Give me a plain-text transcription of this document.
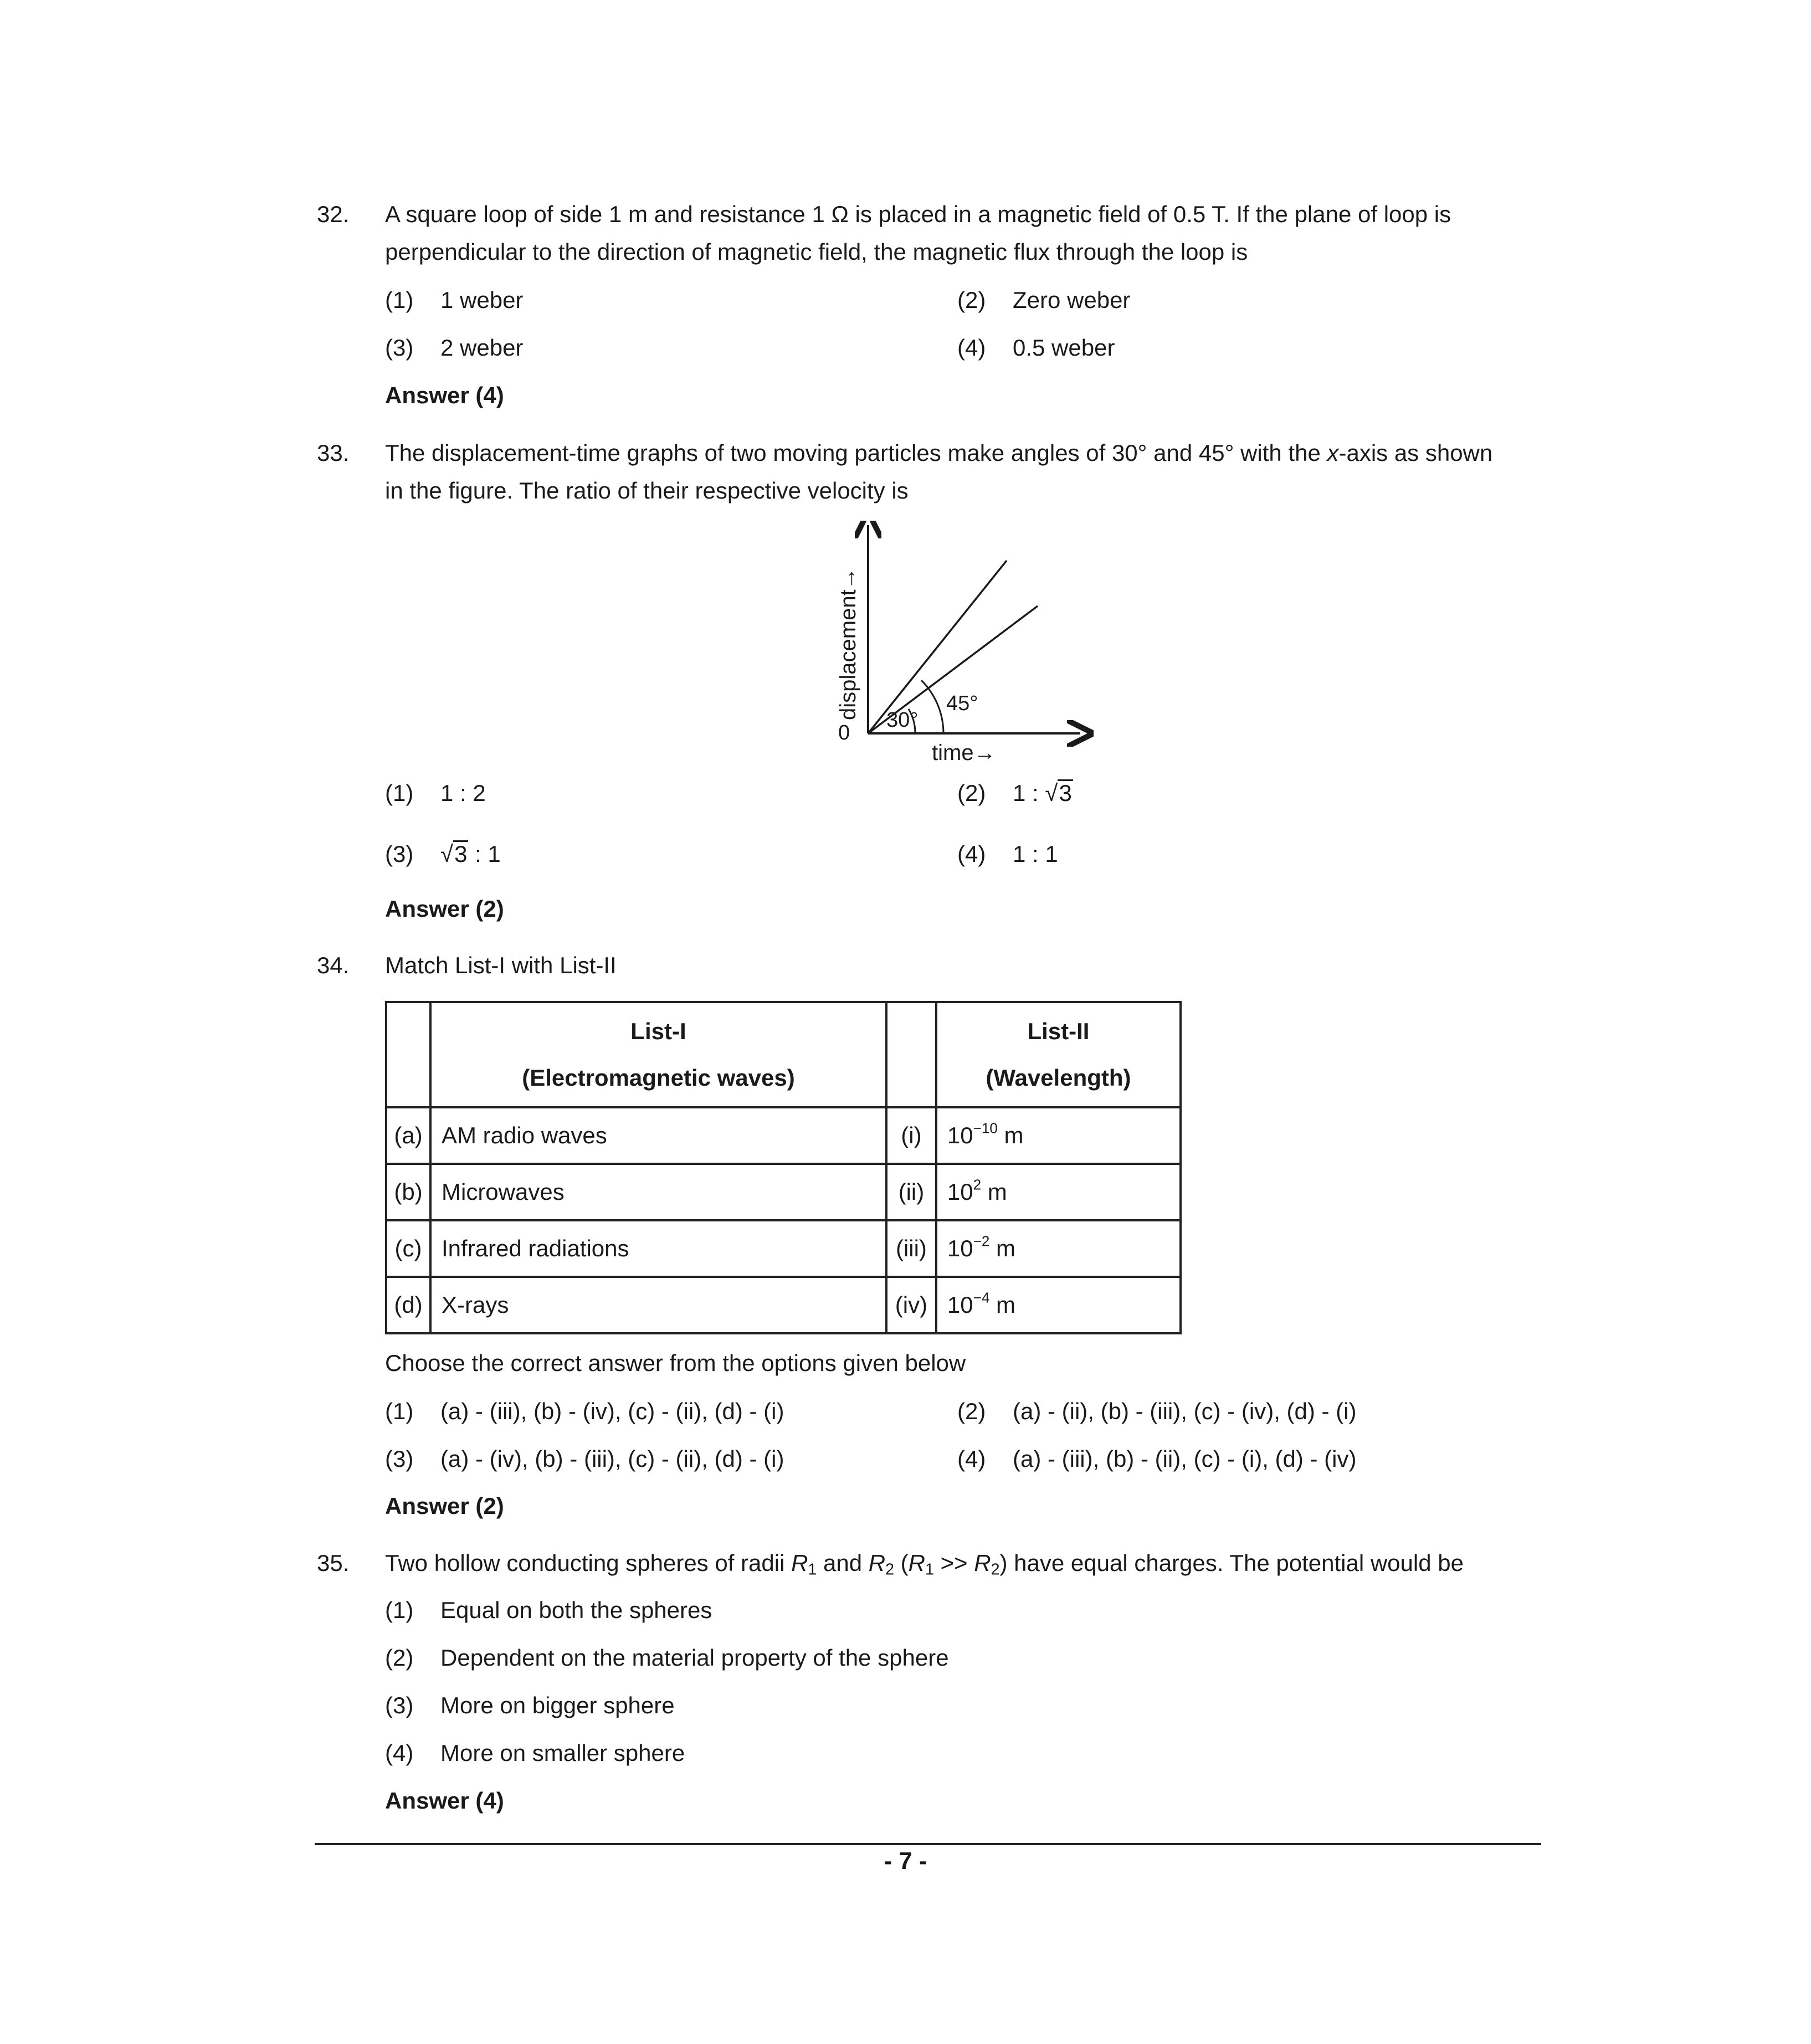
32. A square loop of side 1 m and resistance 1 Ω is placed in a magnetic field of 0.5 T. If the plane of loop is
perpendicular to the direction of magnetic field, the magnetic flux through the loop is
(1) 1 weber	(2) Zero weber
(3) 2 weber	(4) 0.5 weber
Answer (4)
33. The displacement-time graphs of two moving particles make angles of 30° and 45° with the x-axis as shown
in the figure. The ratio of their respective velocity is
0
30°
45°
time→
displacement→
(1) 1 : 2	(2) 1 : √3
(3) √3 : 1	(4) 1 : 1
Answer (2)
34. Match List-I with List-II

	List-I
(Electromagnetic waves)		List-II
(Wavelength)

(a)	AM radio waves	(i)	$10^{-10}$ m
(b)	Microwaves	(ii)	$10^2$ m
(c)	Infrared radiations	(iii)	$10^{-2}$ m
(d)	X-rays	(iv)	$10^{-4}$ m
Choose the correct answer from the options given below
(1) (a) - (iii), (b) - (iv), (c) - (ii), (d) - (i)	(2) (a) - (ii), (b) - (iii), (c) - (iv), (d) - (i)
(3) (a) - (iv), (b) - (iii), (c) - (ii), (d) - (i)	(4) (a) - (iii), (b) - (ii), (c) - (i), (d) - (iv)
Answer (2)
35. Two hollow conducting spheres of radii $R_1$ and $R_2$ $(R_1 >> R_2)$ have equal charges. The potential would be
(1) Equal on both the spheres
(2) Dependent on the material property of the sphere
(3) More on bigger sphere
(4) More on smaller sphere
Answer (4)
- 7 -
